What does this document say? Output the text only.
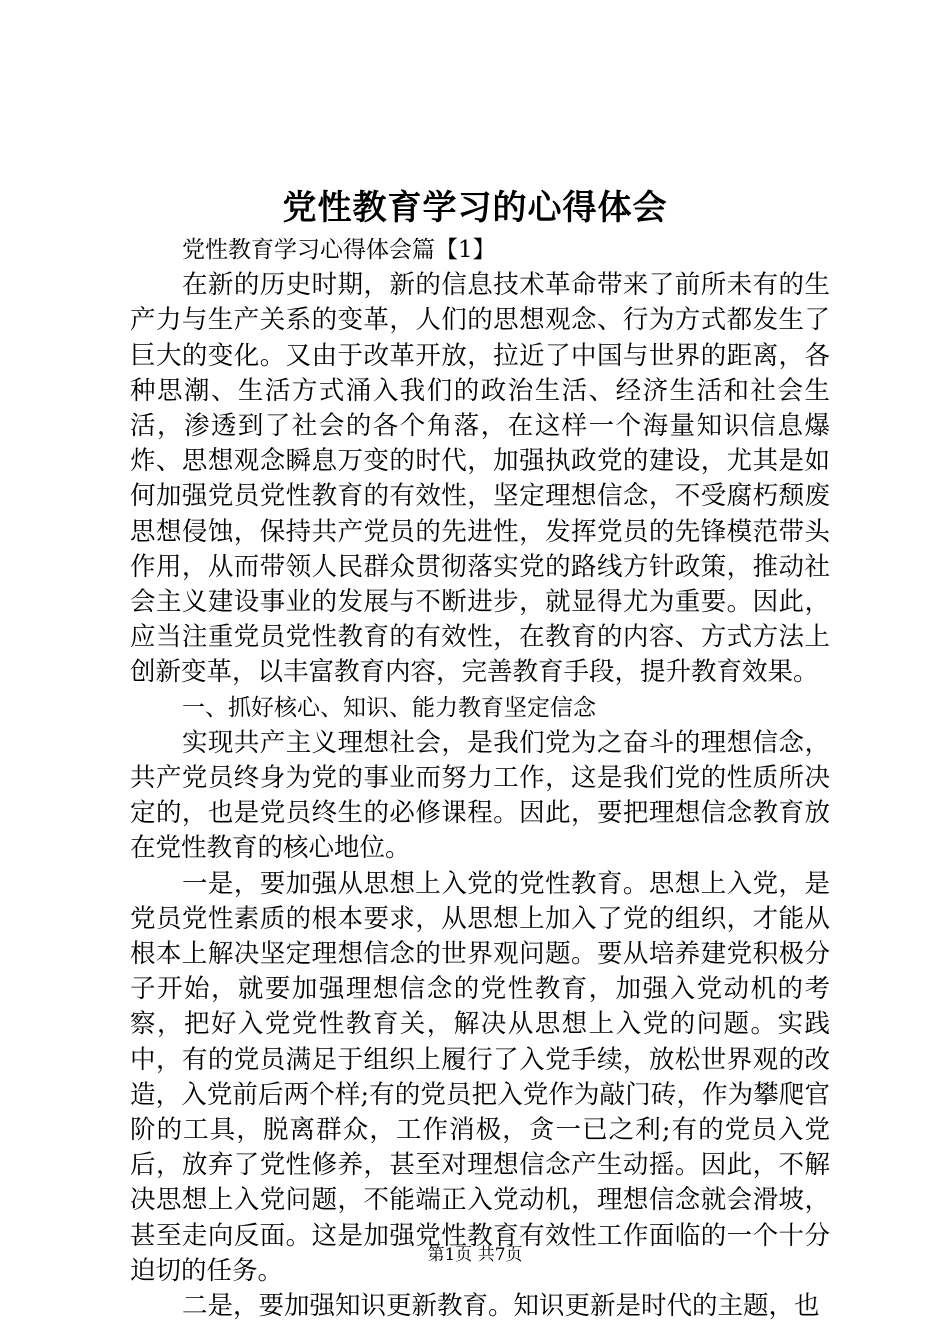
党性教育学习的心得体会

党性教育学习心得体会篇【1】

在新的历史时期，新的信息技术革命带来了前所未有的生产力与生产关系的变革，人们的思想观念、行为方式都发生了巨大的变化。又由于改革开放，拉近了中国与世界的距离，各种思潮、生活方式涌入我们的政治生活、经济生活和社会生活，渗透到了社会的各个角落，在这样一个海量知识信息爆炸、思想观念瞬息万变的时代，加强执政党的建设，尤其是如何加强党员党性教育的有效性，坚定理想信念，不受腐朽颓废思想侵蚀，保持共产党员的先进性，发挥党员的先锋模范带头作用，从而带领人民群众贯彻落实党的路线方针政策，推动社会主义建设事业的发展与不断进步，就显得尤为重要。因此，应当注重党员党性教育的有效性，在教育的内容、方式方法上创新变革，以丰富教育内容，完善教育手段，提升教育效果。

一、抓好核心、知识、能力教育坚定信念

实现共产主义理想社会，是我们党为之奋斗的理想信念，共产党员终身为党的事业而努力工作，这是我们党的性质所决定的，也是党员终生的必修课程。因此，要把理想信念教育放在党性教育的核心地位。

一是，要加强从思想上入党的党性教育。思想上入党，是党员党性素质的根本要求，从思想上加入了党的组织，才能从根本上解决坚定理想信念的世界观问题。要从培养建党积极分子开始，就要加强理想信念的党性教育，加强入党动机的考察，把好入党党性教育关，解决从思想上入党的问题。实践中，有的党员满足于组织上履行了入党手续，放松世界观的改造，入党前后两个样;有的党员把入党作为敲门砖，作为攀爬官阶的工具，脱离群众，工作消极，贪一已之利;有的党员入党后，放弃了党性修养，甚至对理想信念产生动摇。因此，不解决思想上入党问题，不能端正入党动机，理想信念就会滑坡，甚至走向反面。这是加强党性教育有效性工作面临的一个十分迫切的任务。

二是，要加强知识更新教育。知识更新是时代的主题，也

第1页 共7页
